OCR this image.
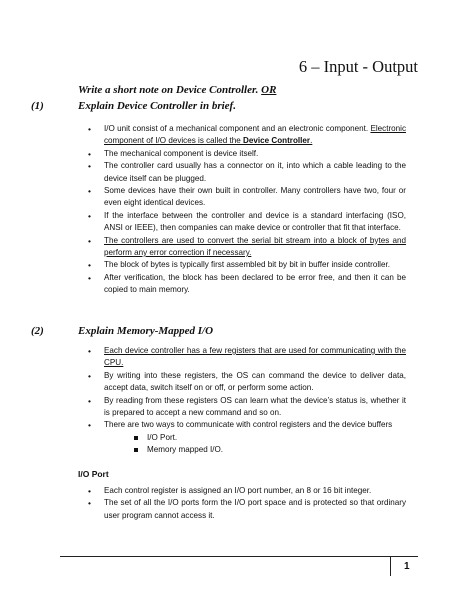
6 – Input - Output
Write a short note on Device Controller. OR
(1)	Explain Device Controller in brief.
• I/O unit consist of a mechanical component and an electronic component. Electronic component of I/O devices is called the Device Controller.
• The mechanical component is device itself.
• The controller card usually has a connector on it, into which a cable leading to the device itself can be plugged.
• Some devices have their own built in controller. Many controllers have two, four or even eight identical devices.
• If the interface between the controller and device is a standard interfacing (ISO, ANSI or IEEE), then companies can make device or controller that fit that interface.
• The controllers are used to convert the serial bit stream into a block of bytes and perform any error correction if necessary.
• The block of bytes is typically first assembled bit by bit in buffer inside controller.
• After verification, the block has been declared to be error free, and then it can be copied to main memory.
(2)	Explain Memory-Mapped I/O
• Each device controller has a few registers that are used for communicating with the CPU.
• By writing into these registers, the OS can command the device to deliver data, accept data, switch itself on or off, or perform some action.
• By reading from these registers OS can learn what the device’s status is, whether it is prepared to accept a new command and so on.
• There are two ways to communicate with control registers and the device buffers
I/O Port.
Memory mapped I/O.
I/O Port
• Each control register is assigned an I/O port number, an 8 or 16 bit integer.
• The set of all the I/O ports form the I/O port space and is protected so that ordinary user program cannot access it.
1
